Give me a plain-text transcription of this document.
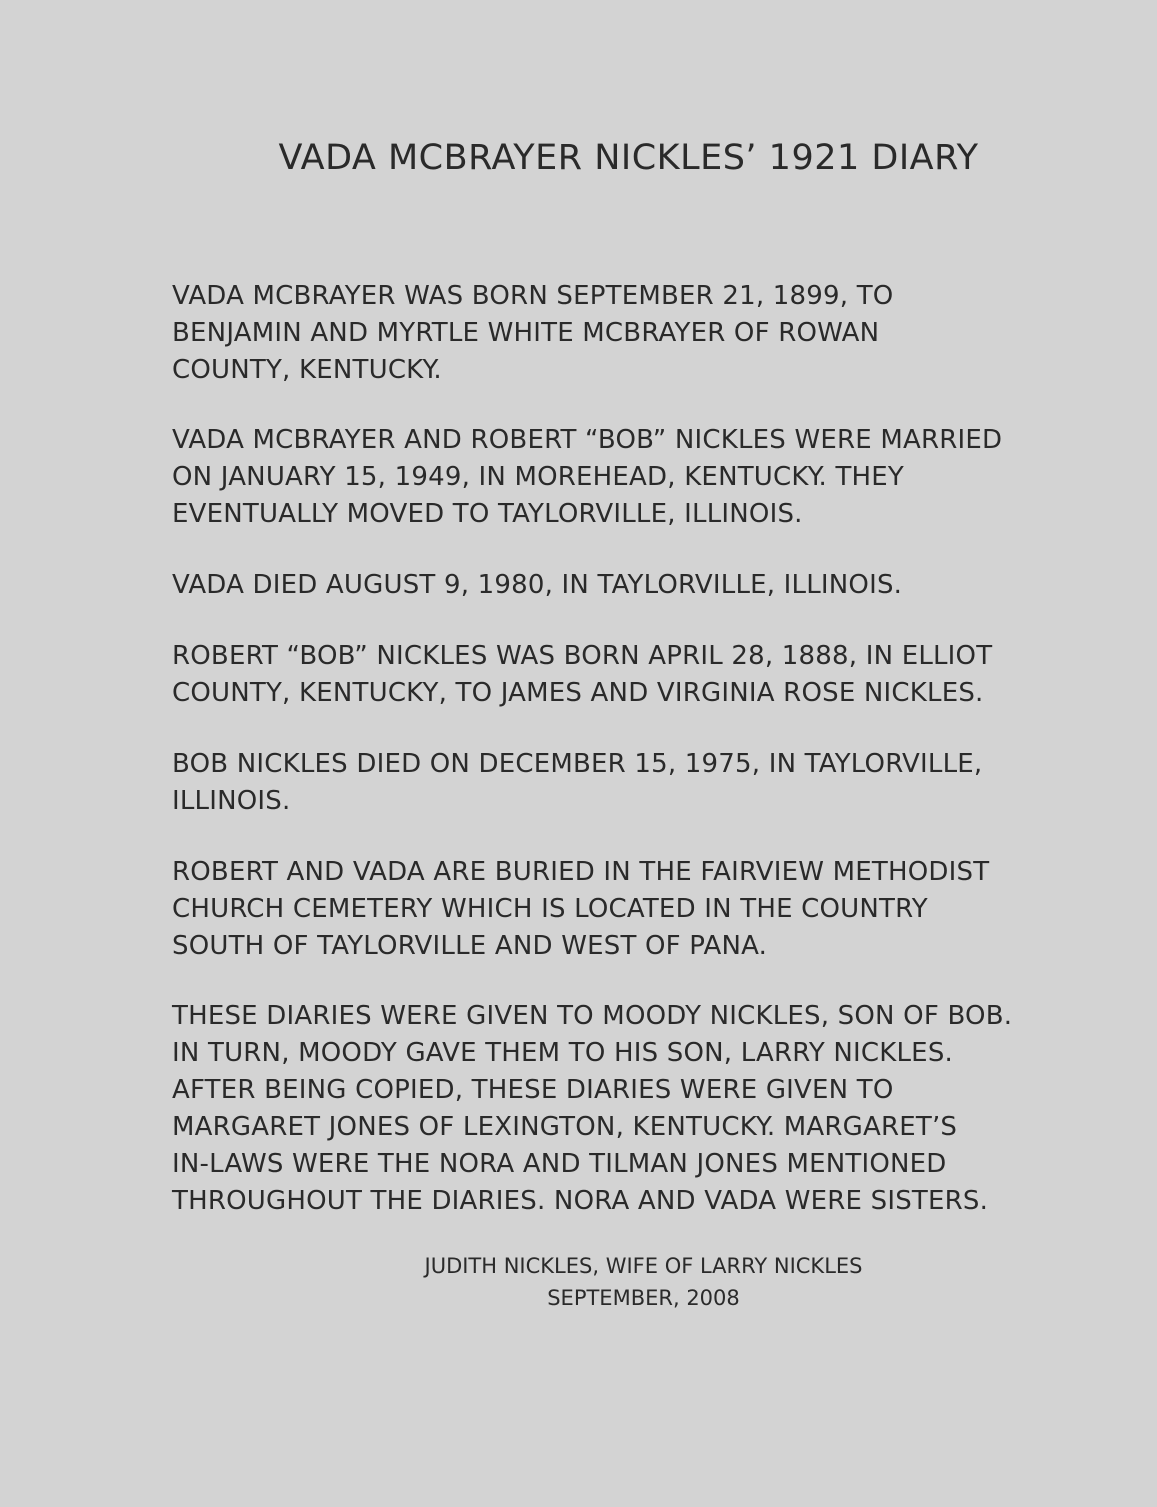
VADA MCBRAYER NICKLES’ 1921 DIARY
VADA MCBRAYER WAS BORN SEPTEMBER 21, 1899, TO
BENJAMIN AND MYRTLE WHITE MCBRAYER OF ROWAN
COUNTY, KENTUCKY.
VADA MCBRAYER AND ROBERT “BOB” NICKLES WERE MARRIED
ON JANUARY 15, 1949, IN MOREHEAD, KENTUCKY. THEY
EVENTUALLY MOVED TO TAYLORVILLE, ILLINOIS.
VADA DIED AUGUST 9, 1980, IN TAYLORVILLE, ILLINOIS.
ROBERT “BOB” NICKLES WAS BORN APRIL 28, 1888, IN ELLIOT
COUNTY, KENTUCKY, TO JAMES AND VIRGINIA ROSE NICKLES.
BOB NICKLES DIED ON DECEMBER 15, 1975, IN TAYLORVILLE,
ILLINOIS.
ROBERT AND VADA ARE BURIED IN THE FAIRVIEW METHODIST
CHURCH CEMETERY WHICH IS LOCATED IN THE COUNTRY
SOUTH OF TAYLORVILLE AND WEST OF PANA.
THESE DIARIES WERE GIVEN TO MOODY NICKLES, SON OF BOB.
IN TURN, MOODY GAVE THEM TO HIS SON, LARRY NICKLES.
AFTER BEING COPIED, THESE DIARIES WERE GIVEN TO
MARGARET JONES OF LEXINGTON, KENTUCKY. MARGARET’S
IN-LAWS WERE THE NORA AND TILMAN JONES MENTIONED
THROUGHOUT THE DIARIES. NORA AND VADA WERE SISTERS.
JUDITH NICKLES, WIFE OF LARRY NICKLES
SEPTEMBER, 2008
